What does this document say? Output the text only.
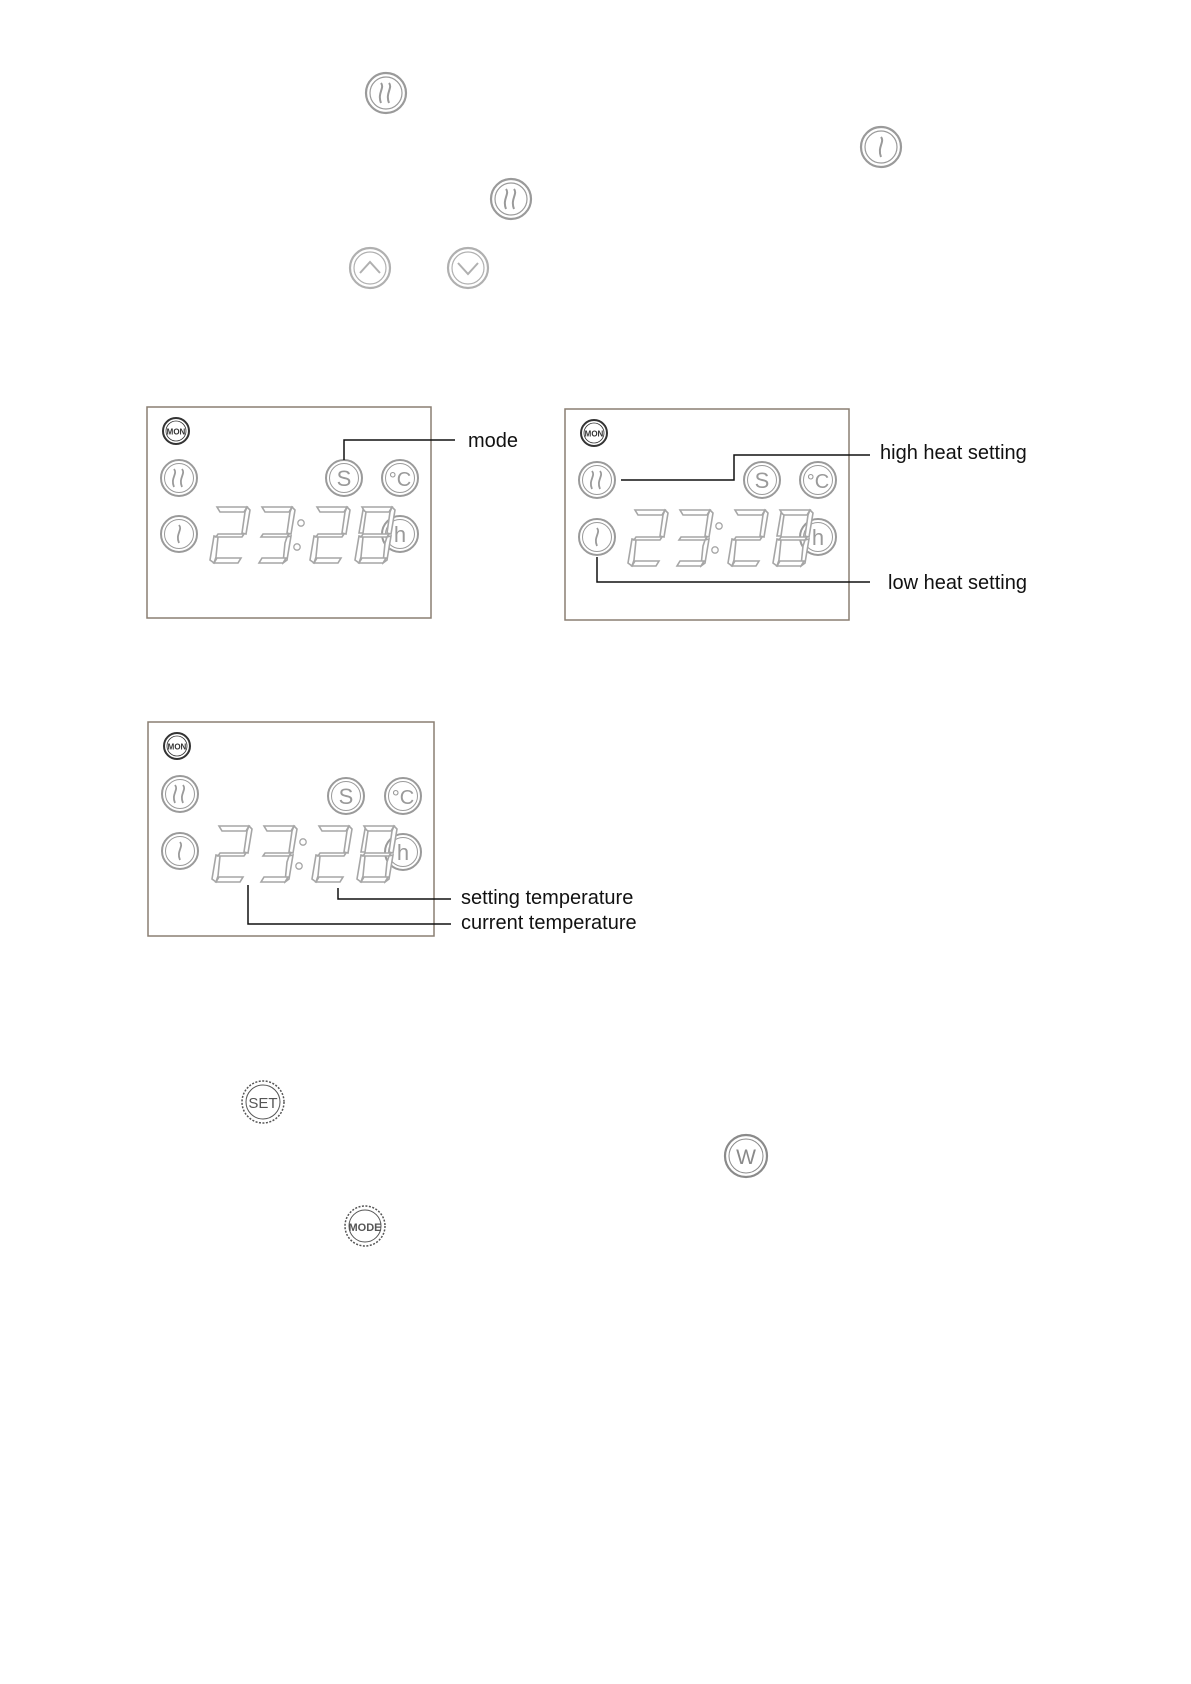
MON
S °C
h
MON
S °C
h
MON
S °C
h
SET
W
MODE
mode
high heat setting
low heat setting
setting temperature
current temperature
